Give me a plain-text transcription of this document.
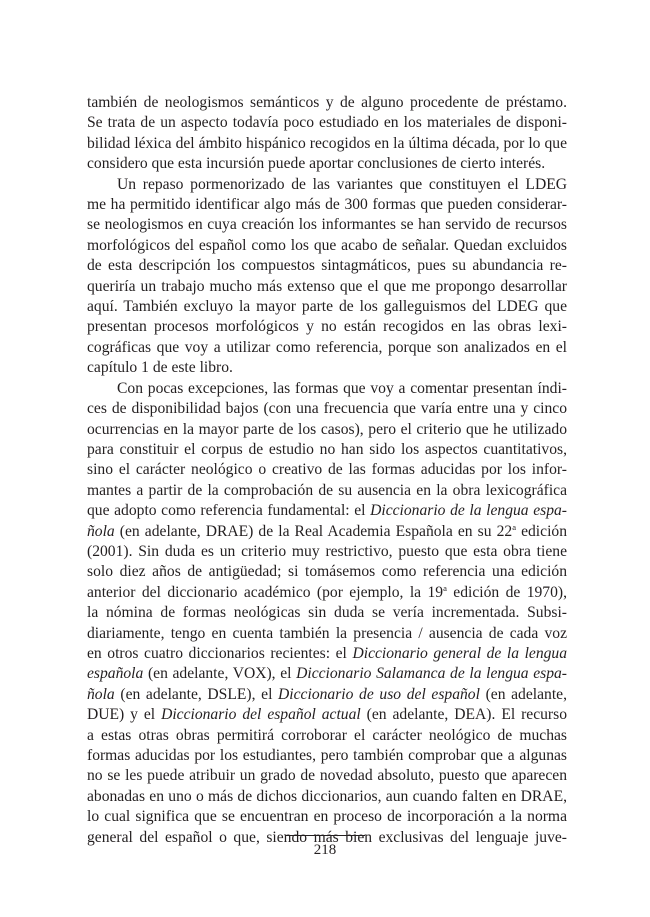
también de neologismos semánticos y de alguno procedente de préstamo.
Se trata de un aspecto todavía poco estudiado en los materiales de disponi-
bilidad léxica del ámbito hispánico recogidos en la última década, por lo que
considero que esta incursión puede aportar conclusiones de cierto interés.
Un repaso pormenorizado de las variantes que constituyen el LDEG
me ha permitido identificar algo más de 300 formas que pueden considerar-
se neologismos en cuya creación los informantes se han servido de recursos
morfológicos del español como los que acabo de señalar. Quedan excluidos
de esta descripción los compuestos sintagmáticos, pues su abundancia re-
queriría un trabajo mucho más extenso que el que me propongo desarrollar
aquí. También excluyo la mayor parte de los galleguismos del LDEG que
presentan procesos morfológicos y no están recogidos en las obras lexi-
cográficas que voy a utilizar como referencia, porque son analizados en el
capítulo 1 de este libro.
Con pocas excepciones, las formas que voy a comentar presentan índi-
ces de disponibilidad bajos (con una frecuencia que varía entre una y cinco
ocurrencias en la mayor parte de los casos), pero el criterio que he utilizado
para constituir el corpus de estudio no han sido los aspectos cuantitativos,
sino el carácter neológico o creativo de las formas aducidas por los infor-
mantes a partir de la comprobación de su ausencia en la obra lexicográfica
que adopto como referencia fundamental: el Diccionario de la lengua espa-
ñola (en adelante, DRAE) de la Real Academia Española en su 22$^a$ edición
(2001). Sin duda es un criterio muy restrictivo, puesto que esta obra tiene
solo diez años de antigüedad; si tomásemos como referencia una edición
anterior del diccionario académico (por ejemplo, la 19$^a$ edición de 1970),
la nómina de formas neológicas sin duda se vería incrementada. Subsi-
diariamente, tengo en cuenta también la presencia / ausencia de cada voz
en otros cuatro diccionarios recientes: el Diccionario general de la lengua
española (en adelante, VOX), el Diccionario Salamanca de la lengua espa-
ñola (en adelante, DSLE), el Diccionario de uso del español (en adelante,
DUE) y el Diccionario del español actual (en adelante, DEA). El recurso
a estas otras obras permitirá corroborar el carácter neológico de muchas
formas aducidas por los estudiantes, pero también comprobar que a algunas
no se les puede atribuir un grado de novedad absoluto, puesto que aparecen
abonadas en uno o más de dichos diccionarios, aun cuando falten en DRAE,
lo cual significa que se encuentran en proceso de incorporación a la norma
general del español o que, siendo más bien exclusivas del lenguaje juve-
218
